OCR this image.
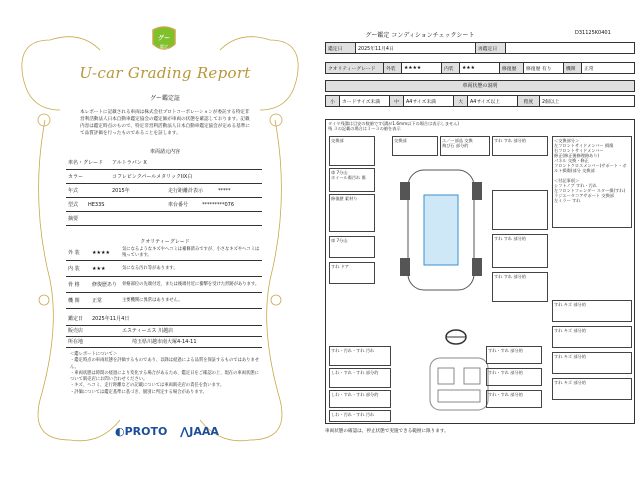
グー
鑑定
U-car Grading Report
グー鑑定証
本レポートに記載される車両は株式会社プロトコーポレーションが委託する特定非営利活動法人日本自動車鑑定協会の鑑定師が車両の状態を確認しております。記載内容は鑑定時点のもので、特定非営利活動法人日本自動車鑑定協会が定める基準にて品質評価を行ったものであることを証します。
車両諸元内容
車名・グレード	アルトラパン X
カラー	コフレピンクパールメタリックIIX白
年式	2015年	走行距離計表示	*****
型式	HE33S	車台番号	*********076
摘要
クオリティーグレード
外 装	★★★★	気になるようなキズやヘコミは補修済みですが、小さなキズやヘコミは残っています。
内 装	★★★	気になる汚れ等があります。
骨 格	修復歴あり	骨格部位の先端付近、または後端付近に衝撃を受けた形跡があります。
機 関	正常	主要機関に異常はありません。
鑑定日	2025年11月4日
販売店	エスティーエス 川越店
所在地	埼玉県川越市南大塚4-14-11
＜鑑レポートについて＞
・鑑定時点の車両状態を評価するものであり、以降は経過による品質を保証するものではありません。
・車両状態は時間の経過により変化する場合があるため、鑑定日をご確認の上、現在の車両状態について販売店にお問い合わせください。
・キズ、ヘコミ、走行距離などの記載については車両販売店の責任を負います。
・評価については鑑定基準に基づき、個別に判定する場合があります。
◐PROTO ⋀JAAA
グー鑑定 コンディションチェックシート	D31125K0401
鑑定日	2025年11月4日	再鑑定日	
クオリティーグレード	外装	★★★★	内装	★★★	修復歴	修復歴 有り	機関	正常
車両状態の説明
小	カードサイズ未満	中	A4サイズ未満	大	A4サイズ以上	程度	2個以上
タイヤ残溝は目安の数値です(溝が1.6mm以下の場合は表示しません)
残 ３の記載の場合は１～３の値を表示
＜交換部分＞
左フロントサイドメンバー 損傷
右フロントサイドメンバー
修正(修正後修理跡あり)
パネル 交換・修正
フロントクロスメンバー(サポート・ボルト損傷)部分 交換部

＜付記事項＞
シフトノブ すれ・汚れ
左フロントフェンダー スター損(すれ)
ラジエータコアサポート 交換部
左ミラー すれ
交換部	交換部	エ／ー部品 交換
飛び石 部分的
すれ すれ 部分的
車 7分山
ホイール傷汚れ 傷
修復歴 素材り
車 7分山
すれ ドア
すれ すれ 部分的
すれ すれ 部分的
すれ・汚れ・すれ 汚れ
しわ・すれ・すれ 部分的
しわ・すれ・すれ 部分的
しわ・汚れ・すれ 汚れ
すれ・すれ 部分的
すれ・すれ 部分的
すれ・すれ 部分的
すれ キズ 部分的
すれ キズ 部分的
すれ キズ 部分的
すれ キズ 部分的
車両状態の確認は、停止状態で実施できる範囲に限ります。
